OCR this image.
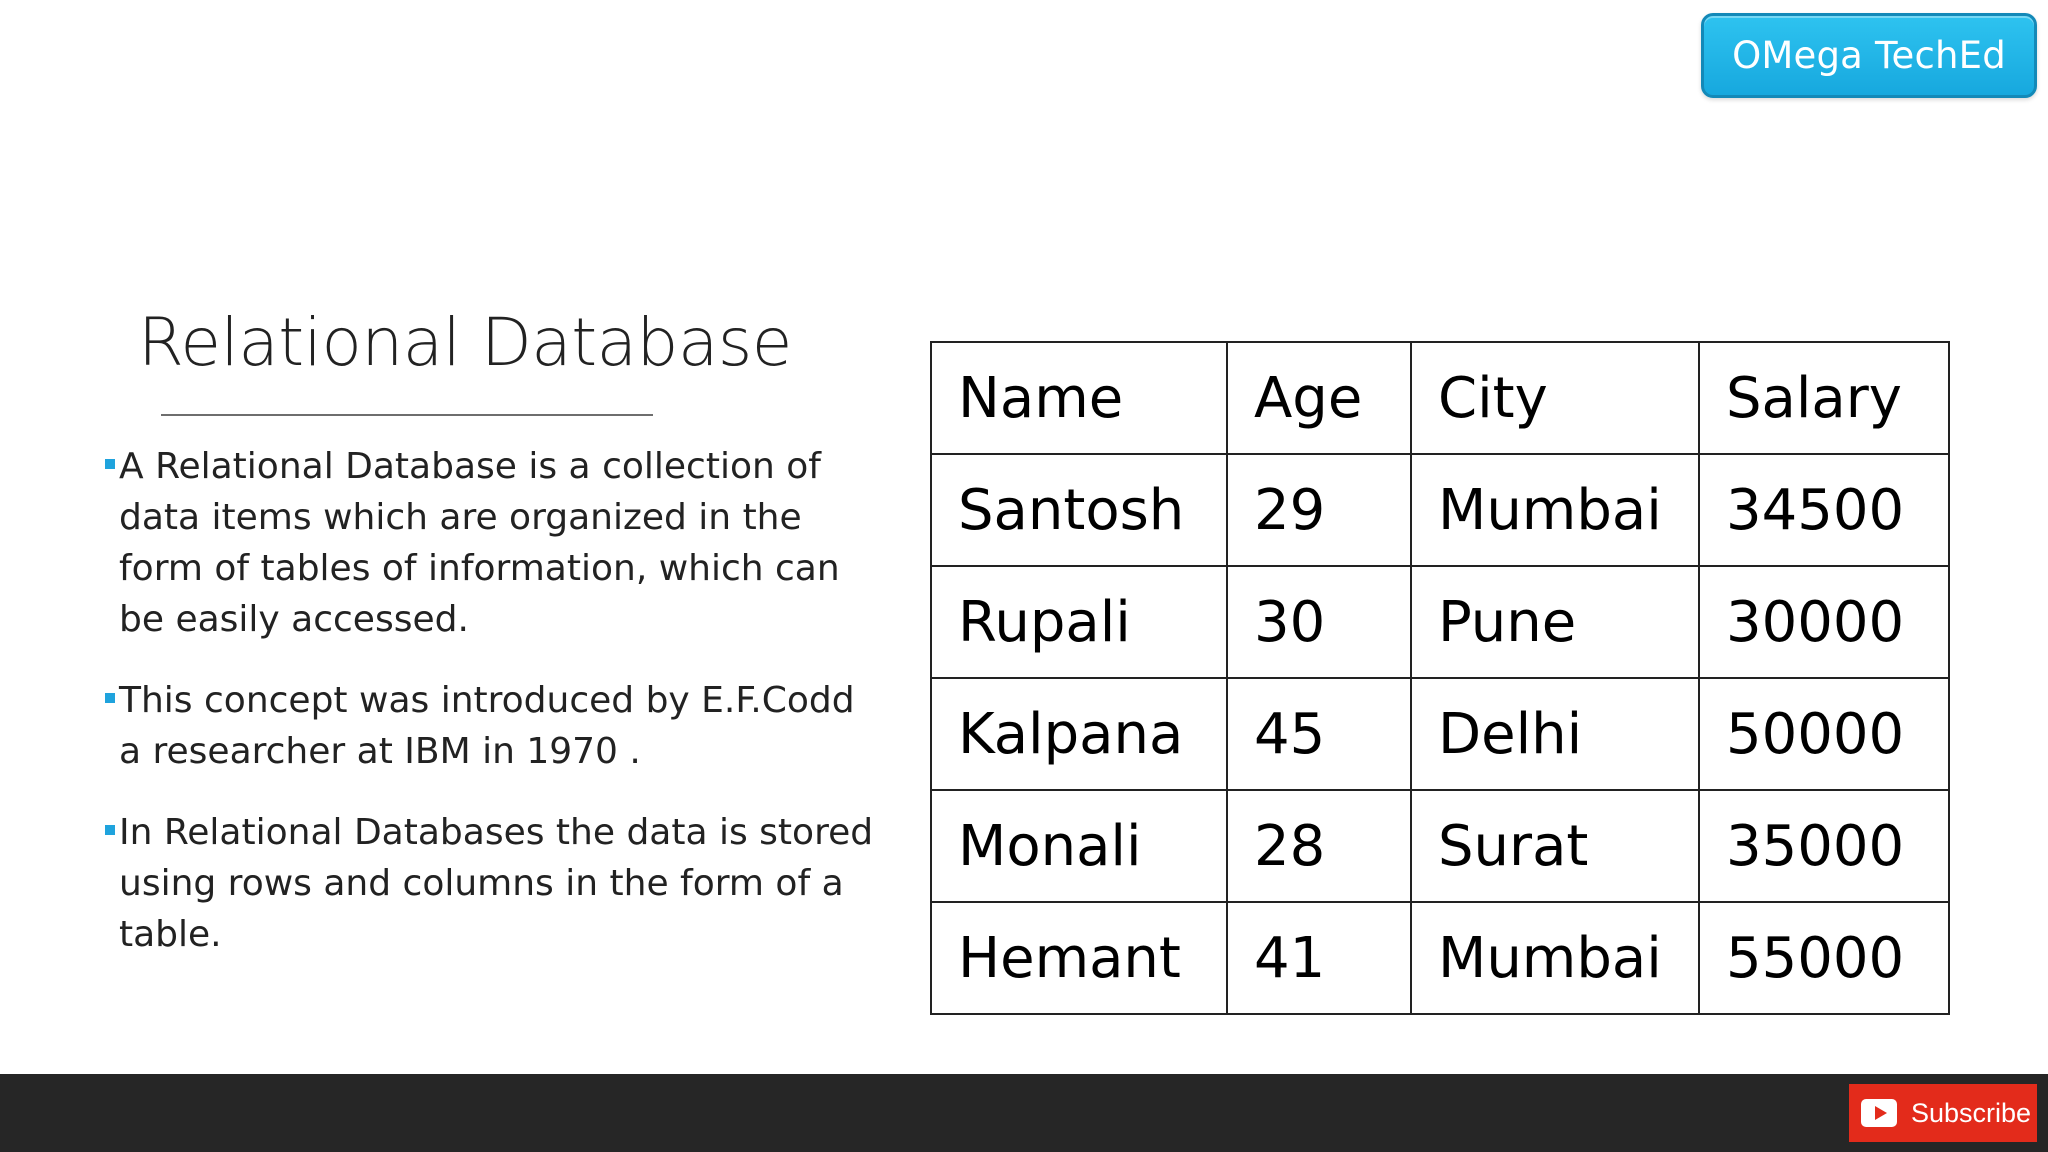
OMega TechEd
Relational Database
A Relational Database is a collection of data items which are organized in the form of tables of information, which can be easily accessed.
This concept was introduced by E.F.Codd a researcher at IBM in 1970 .
In Relational Databases the data is stored using rows and columns in the form of a table.
Name	Age	City	Salary
Santosh	29	Mumbai	34500
Rupali	30	Pune	30000
Kalpana	45	Delhi	50000
Monali	28	Surat	35000
Hemant	41	Mumbai	55000
Subscribe
